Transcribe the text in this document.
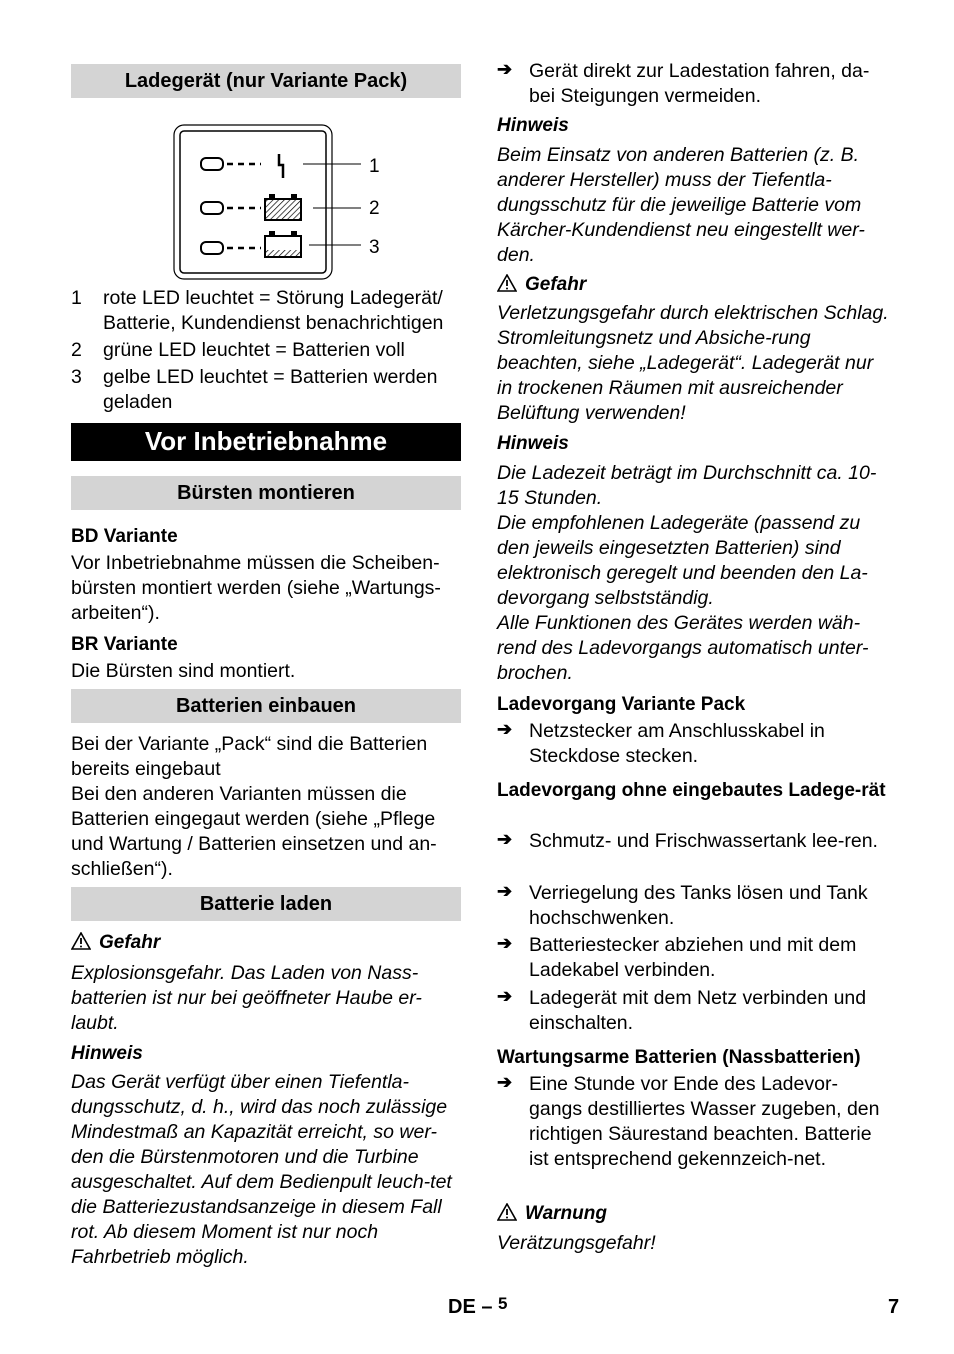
Ladegerät (nur Variante Pack)
1
2
3
1	rote LED leuchtet = Störung Ladegerät/ Batterie, Kundendienst benachrichtigen
2	grüne LED leuchtet = Batterien voll
3	gelbe LED leuchtet = Batterien werden geladen
Vor Inbetriebnahme
Bürsten montieren
BD Variante
Vor Inbetriebnahme müssen die Scheiben-bürsten montiert werden (siehe „Wartungs-arbeiten“).
BR Variante
Die Bürsten sind montiert.
Batterien einbauen
Bei der Variante „Pack“ sind die Batterien bereits eingebaut
Bei den anderen Varianten müssen die Batterien eingegaut werden (siehe „Pflege und Wartung / Batterien einsetzen und an-schließen“).
Batterie laden
Gefahr
Explosionsgefahr. Das Laden von Nass-batterien ist nur bei geöffneter Haube er-laubt.
Hinweis
Das Gerät verfügt über einen Tiefentla-dungsschutz, d. h., wird das noch zulässige Mindestmaß an Kapazität erreicht, so wer-den die Bürstenmotoren und die Turbine ausgeschaltet. Auf dem Bedienpult leuch-tet die Batteriezustandsanzeige in diesem Fall rot. Ab diesem Moment ist nur noch Fahrbetrieb möglich.
➔ Gerät direkt zur Ladestation fahren, da-bei Steigungen vermeiden.
Hinweis
Beim Einsatz von anderen Batterien (z. B. anderer Hersteller) muss der Tiefentla-dungsschutz für die jeweilige Batterie vom Kärcher-Kundendienst neu eingestellt wer-den.
Gefahr
Verletzungsgefahr durch elektrischen Schlag. Stromleitungsnetz und Absiche-rung beachten, siehe „Ladegerät“. Ladegerät nur in trockenen Räumen mit ausreichender Belüftung verwenden!
Hinweis
Die Ladezeit beträgt im Durchschnitt ca. 10-15 Stunden.
Die empfohlenen Ladegeräte (passend zu den jeweils eingesetzten Batterien) sind elektronisch geregelt und beenden den La-devorgang selbstständig.
Alle Funktionen des Gerätes werden wäh-rend des Ladevorgangs automatisch unter-brochen.
Ladevorgang Variante Pack
➔ Netzstecker am Anschlusskabel in Steckdose stecken.
Ladevorgang ohne eingebautes Ladege-rät
➔ Schmutz- und Frischwassertank lee-ren.
➔ Verriegelung des Tanks lösen und Tank hochschwenken.
➔ Batteriestecker abziehen und mit dem Ladekabel verbinden.
➔ Ladegerät mit dem Netz verbinden und einschalten.
Wartungsarme Batterien (Nassbatterien)
➔ Eine Stunde vor Ende des Ladevor-gangs destilliertes Wasser zugeben, den richtigen Säurestand beachten. Batterie ist entsprechend gekennzeich-net.
Warnung
Verätzungsgefahr!
DE – $^5$	7
